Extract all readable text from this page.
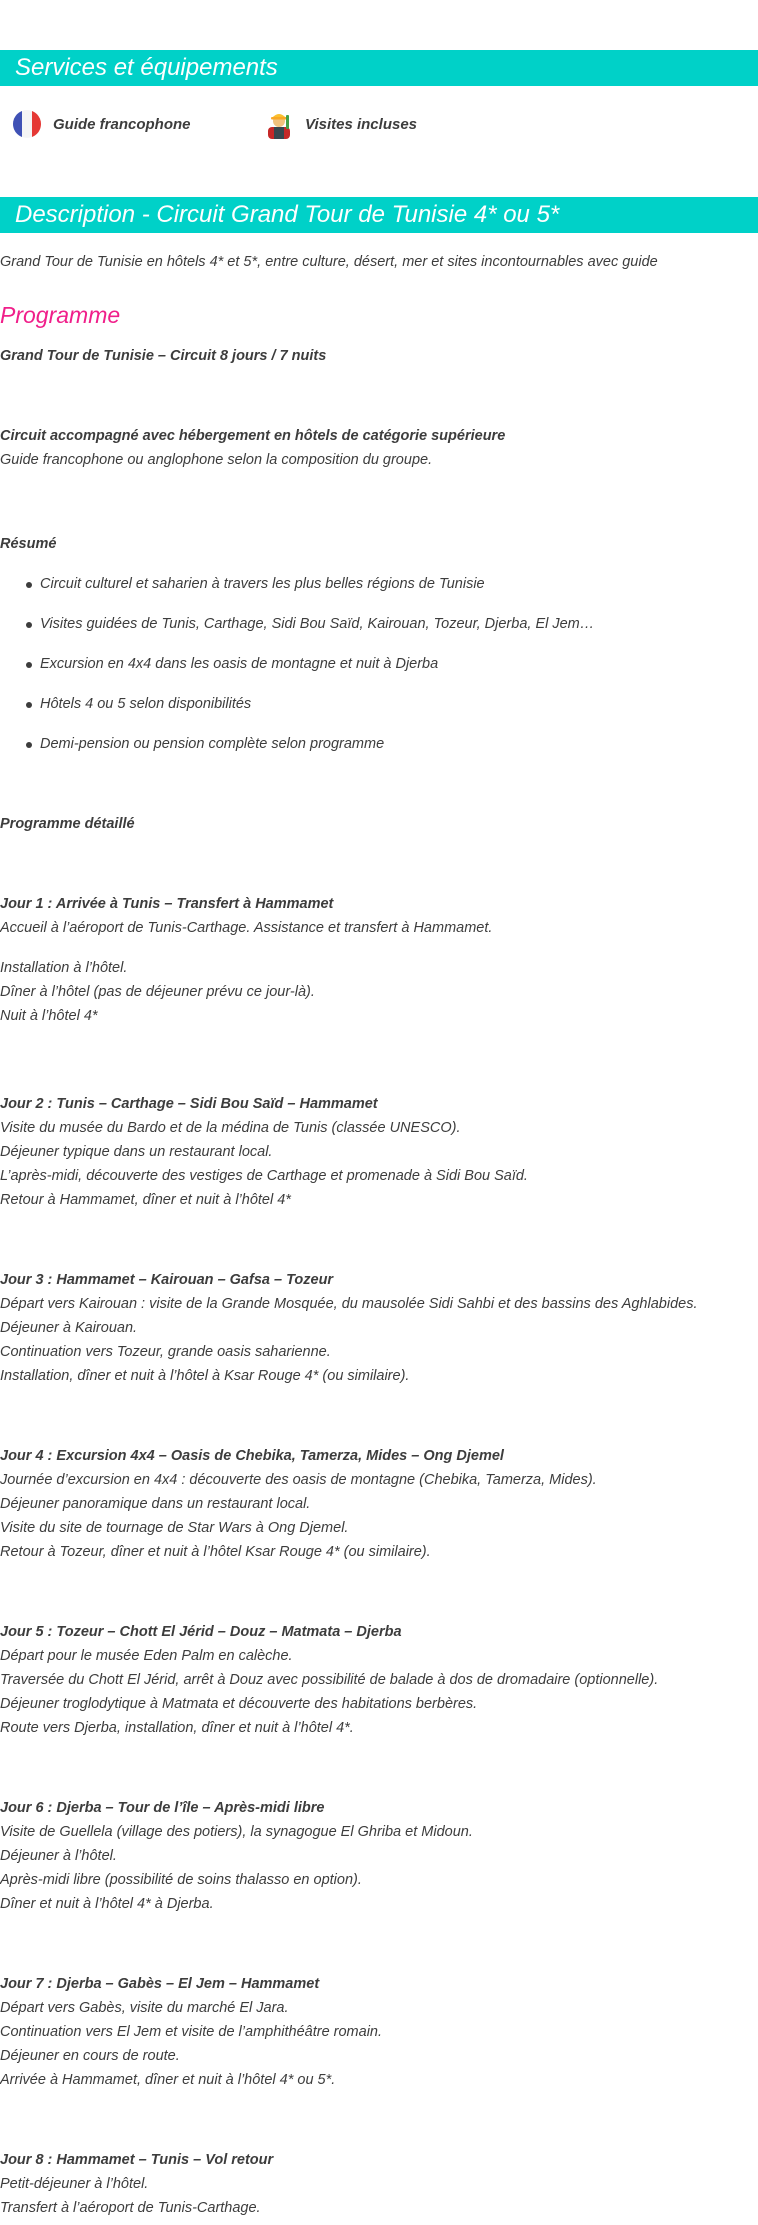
Services et équipements
Guide francophone	Visites incluses
Description - Circuit Grand Tour de Tunisie 4* ou 5*
Grand Tour de Tunisie en hôtels 4* et 5*, entre culture, désert, mer et sites incontournables avec guide
Programme
Grand Tour de Tunisie – Circuit 8 jours / 7 nuits
Circuit accompagné avec hébergement en hôtels de catégorie supérieure
Guide francophone ou anglophone selon la composition du groupe.
Résumé
Circuit culturel et saharien à travers les plus belles régions de Tunisie
Visites guidées de Tunis, Carthage, Sidi Bou Saïd, Kairouan, Tozeur, Djerba, El Jem…
Excursion en 4x4 dans les oasis de montagne et nuit à Djerba
Hôtels 4 ou 5 selon disponibilités
Demi-pension ou pension complète selon programme
Programme détaillé
Jour 1 : Arrivée à Tunis – Transfert à Hammamet
Accueil à l’aéroport de Tunis-Carthage. Assistance et transfert à Hammamet.
Installation à l’hôtel.
Dîner à l’hôtel (pas de déjeuner prévu ce jour-là).
Nuit à l’hôtel 4*
Jour 2 : Tunis – Carthage – Sidi Bou Saïd – Hammamet
Visite du musée du Bardo et de la médina de Tunis (classée UNESCO).
Déjeuner typique dans un restaurant local.
L’après-midi, découverte des vestiges de Carthage et promenade à Sidi Bou Saïd.
Retour à Hammamet, dîner et nuit à l’hôtel 4*
Jour 3 : Hammamet – Kairouan – Gafsa – Tozeur
Départ vers Kairouan : visite de la Grande Mosquée, du mausolée Sidi Sahbi et des bassins des Aghlabides.
Déjeuner à Kairouan.
Continuation vers Tozeur, grande oasis saharienne.
Installation, dîner et nuit à l’hôtel à Ksar Rouge 4* (ou similaire).
Jour 4 : Excursion 4x4 – Oasis de Chebika, Tamerza, Mides – Ong Djemel
Journée d’excursion en 4x4 : découverte des oasis de montagne (Chebika, Tamerza, Mides).
Déjeuner panoramique dans un restaurant local.
Visite du site de tournage de Star Wars à Ong Djemel.
Retour à Tozeur, dîner et nuit à l’hôtel Ksar Rouge 4* (ou similaire).
Jour 5 : Tozeur – Chott El Jérid – Douz – Matmata – Djerba
Départ pour le musée Eden Palm en calèche.
Traversée du Chott El Jérid, arrêt à Douz avec possibilité de balade à dos de dromadaire (optionnelle).
Déjeuner troglodytique à Matmata et découverte des habitations berbères.
Route vers Djerba, installation, dîner et nuit à l’hôtel 4*.
Jour 6 : Djerba – Tour de l’île – Après-midi libre
Visite de Guellela (village des potiers), la synagogue El Ghriba et Midoun.
Déjeuner à l’hôtel.
Après-midi libre (possibilité de soins thalasso en option).
Dîner et nuit à l’hôtel 4* à Djerba.
Jour 7 : Djerba – Gabès – El Jem – Hammamet
Départ vers Gabès, visite du marché El Jara.
Continuation vers El Jem et visite de l’amphithéâtre romain.
Déjeuner en cours de route.
Arrivée à Hammamet, dîner et nuit à l’hôtel 4* ou 5*.
Jour 8 : Hammamet – Tunis – Vol retour
Petit-déjeuner à l’hôtel.
Transfert à l’aéroport de Tunis-Carthage.
